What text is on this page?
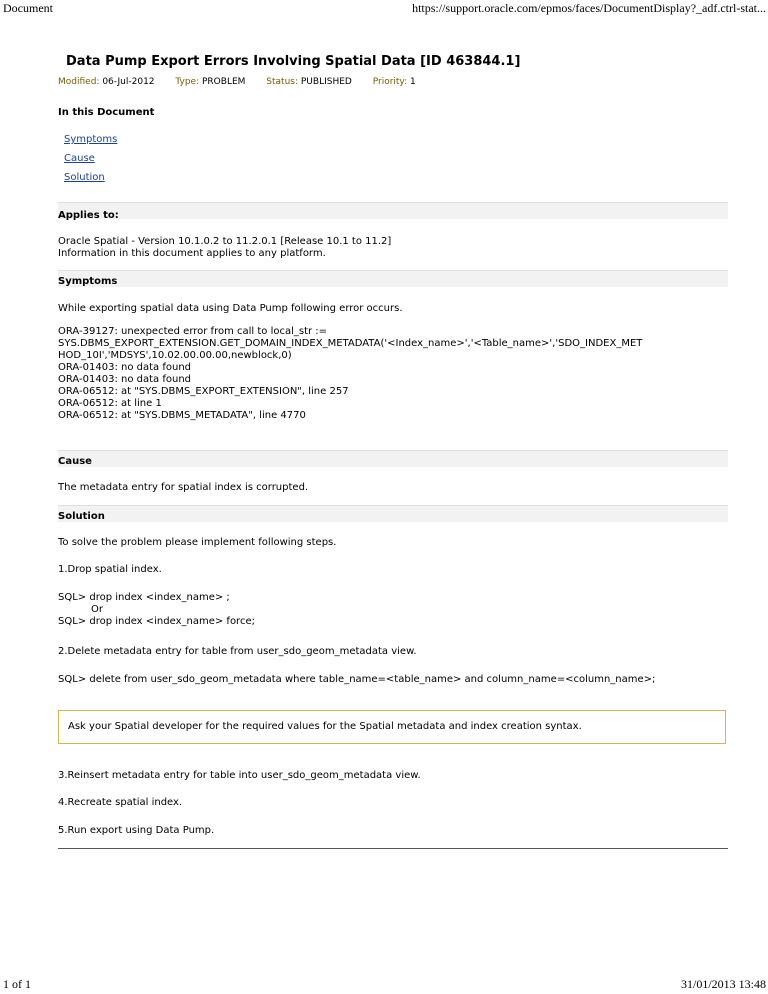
Document	https://support.oracle.com/epmos/faces/DocumentDisplay?_adf.ctrl-stat...
Data Pump Export Errors Involving Spatial Data [ID 463844.1]
Modified: 06-Jul-2012 Type: PROBLEM Status: PUBLISHED Priority: 1
In this Document
Symptoms
Cause
Solution
Applies to:
Oracle Spatial - Version 10.1.0.2 to 11.2.0.1 [Release 10.1 to 11.2]
Information in this document applies to any platform.
Symptoms
While exporting spatial data using Data Pump following error occurs.
ORA-39127: unexpected error from call to local_str :=
SYS.DBMS_EXPORT_EXTENSION.GET_DOMAIN_INDEX_METADATA('<Index_name>','<Table_name>','SDO_INDEX_MET
HOD_10I','MDSYS',10.02.00.00.00,newblock,0)
ORA-01403: no data found
ORA-01403: no data found
ORA-06512: at "SYS.DBMS_EXPORT_EXTENSION", line 257
ORA-06512: at line 1
ORA-06512: at "SYS.DBMS_METADATA", line 4770
Cause
The metadata entry for spatial index is corrupted.
Solution
To solve the problem please implement following steps.
1.Drop spatial index.
SQL> drop index <index_name> ;
Or
SQL> drop index <index_name> force;
2.Delete metadata entry for table from user_sdo_geom_metadata view.
SQL> delete from user_sdo_geom_metadata where table_name=<table_name> and column_name=<column_name>;
Ask your Spatial developer for the required values for the Spatial metadata and index creation syntax.
3.Reinsert metadata entry for table into user_sdo_geom_metadata view.
4.Recreate spatial index.
5.Run export using Data Pump.
1 of 1	31/01/2013 13:48
